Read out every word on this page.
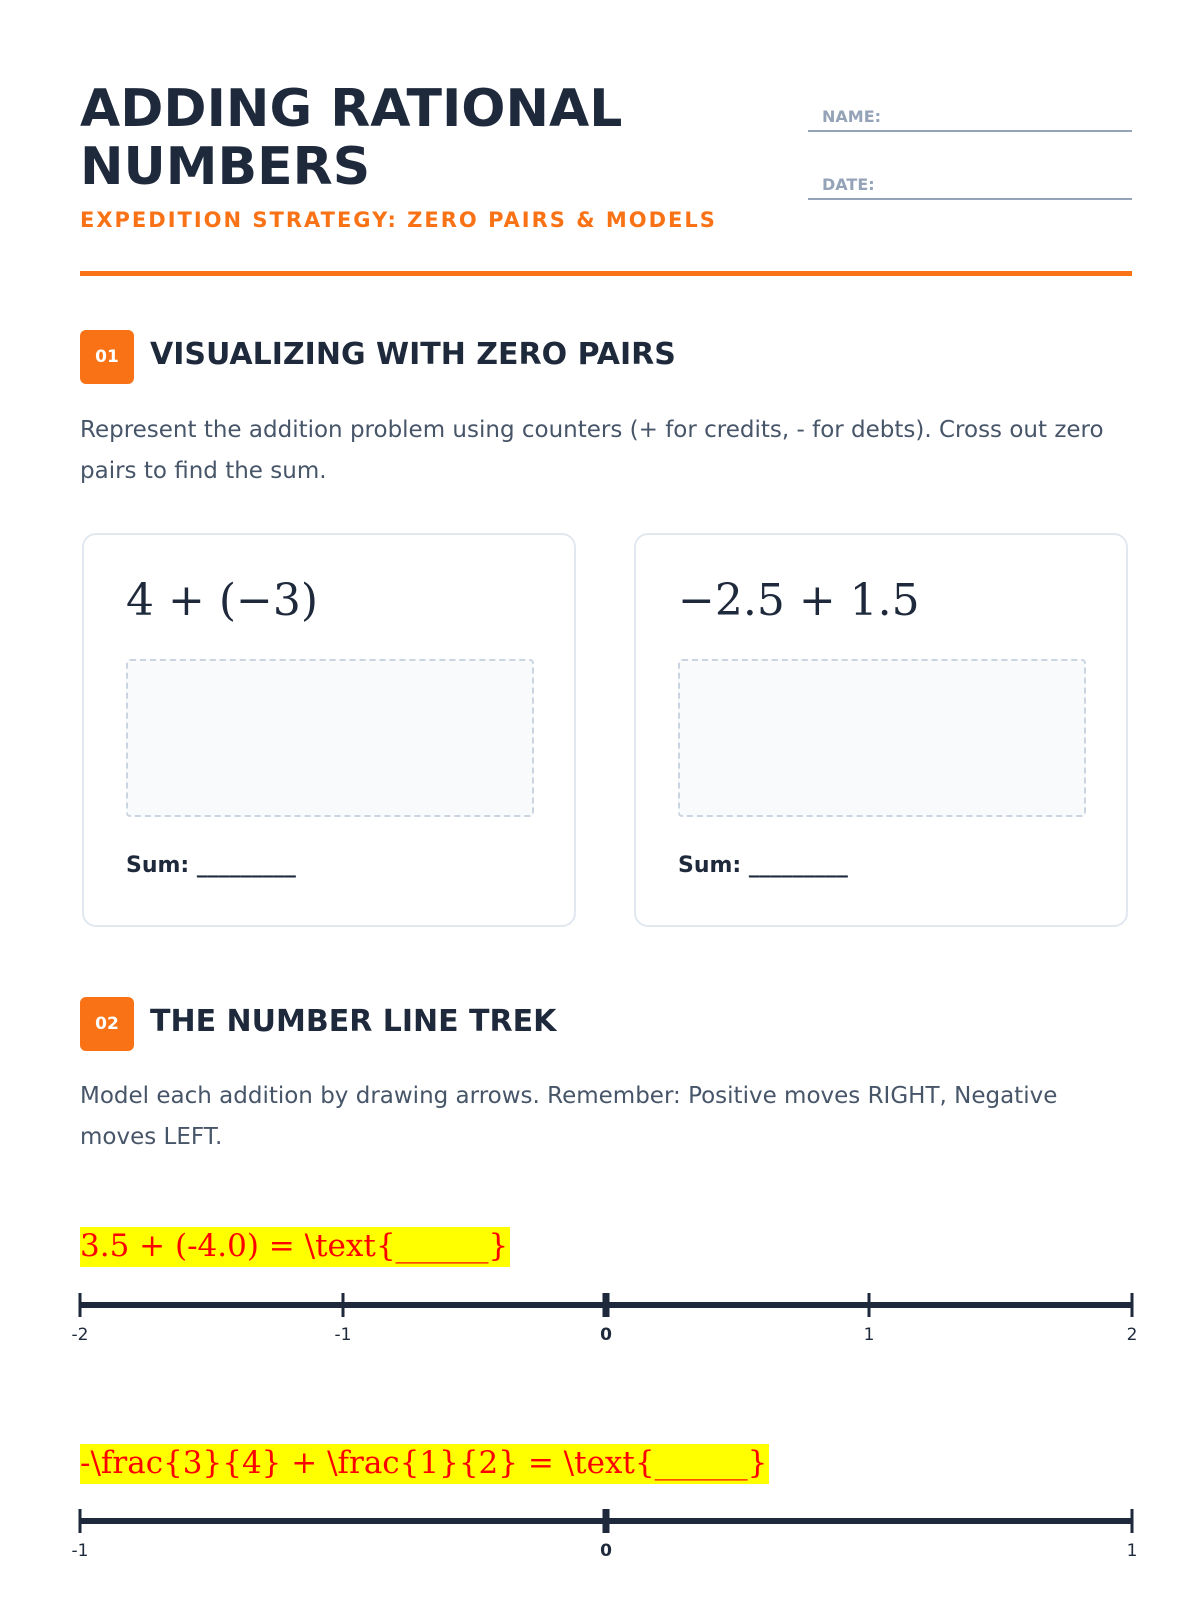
ADDING RATIONAL NUMBERS
EXPEDITION STRATEGY: ZERO PAIRS & MODELS
NAME:
DATE:
01	VISUALIZING WITH ZERO PAIRS

Represent the addition problem using counters (+ for credits, - for debts). Cross out zero pairs to find the sum.

4 + (−3)
Sum: _________
−2.5 + 1.5
Sum: _________
02	THE NUMBER LINE TREK

Model each addition by drawing arrows. Remember: Positive moves RIGHT, Negative moves LEFT.

3.5 + (-4.0) = \text{______}
-2	-1	0	1	2
-\frac{3}{4} + \frac{1}{2} = \text{______}
-1	0	1
